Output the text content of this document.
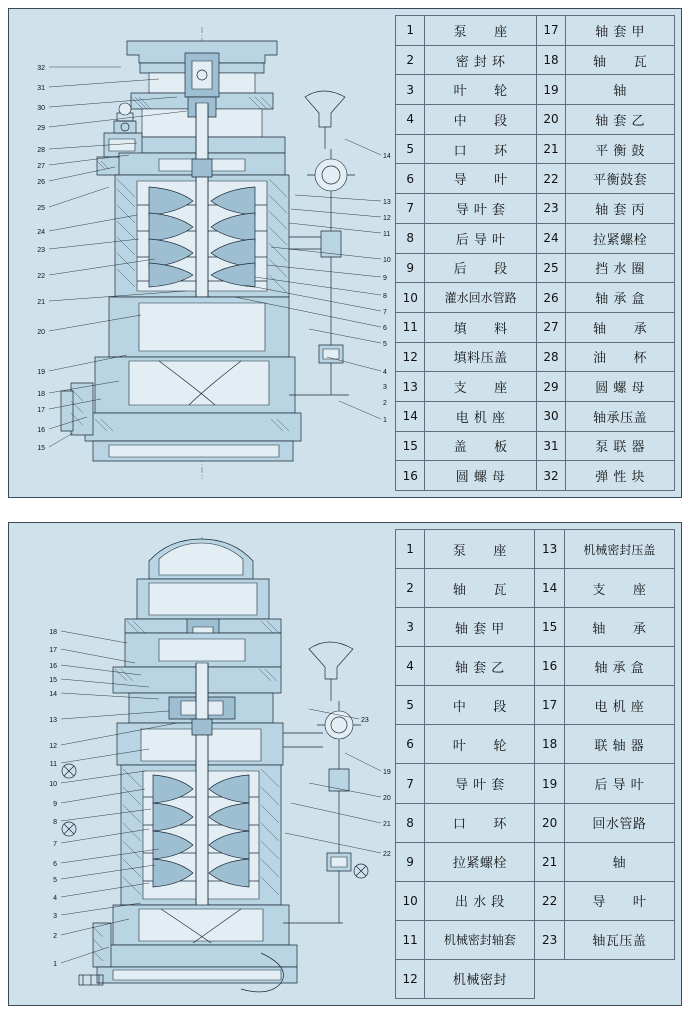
32
31
30
29
28
27
26
25
24
23
22
21
20
19
18
17
16
15
14
13
12
11
10
9
8
7
6
5
4
1
3
2
1	泵　　座	17	轴 套 甲
2	密 封 环	18	轴　　瓦
3	叶　　轮	19	轴
4	中　　段	20	轴 套 乙
5	口　　环	21	平 衡 鼓
6	导　　叶	22	平衡鼓套
7	导 叶 套	23	轴 套 丙
8	后 导 叶	24	拉紧螺栓
9	后　　段	25	挡 水 圈
10	灌水回水管路	26	轴 承 盒
11	填　　料	27	轴　　承
12	填料压盖	28	油　　杯
13	支　　座	29	圆 螺 母
14	电 机 座	30	轴承压盖
15	盖　　板	31	泵 联 器
16	圆 螺 母	32	弹 性 块
18
17
16
15
14
13
12
11
10
9
8
7
6
5
4
3
2
1
19
20
21
22
23
1	泵　　座	13	机械密封压盖
2	轴　　瓦	14	支　　座
3	轴 套 甲	15	轴　　承
4	轴 套 乙	16	轴 承 盒
5	中　　段	17	电 机 座
6	叶　　轮	18	联 轴 器
7	导 叶 套	19	后 导 叶
8	口　　环	20	回水管路
9	拉紧螺栓	21	轴
10	出 水 段	22	导　　叶
11	机械密封轴套	23	轴瓦压盖
12	机械密封		
